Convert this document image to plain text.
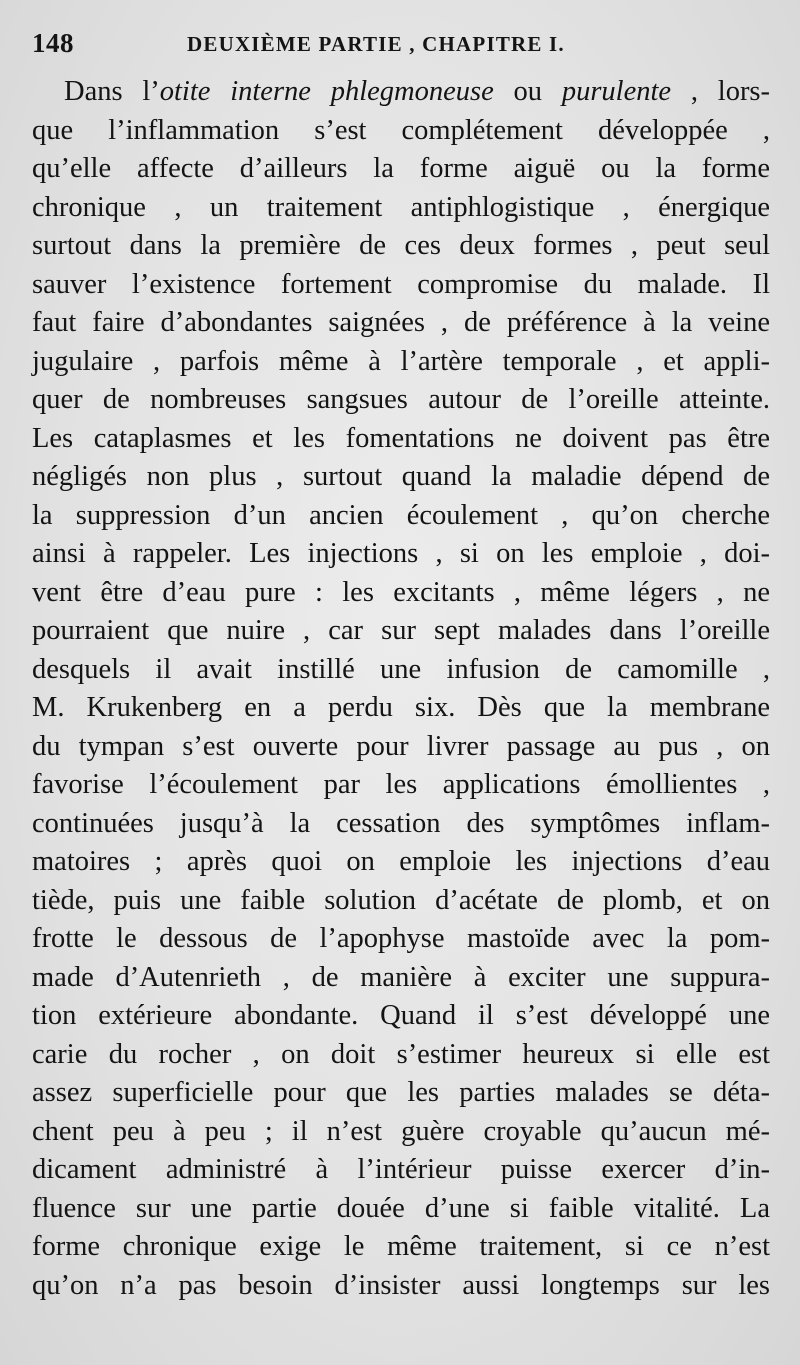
148	DEUXIÈME PARTIE , CHAPITRE I.
Dans l’otite interne phlegmoneuse ou purulente , lors-
que l’inflammation s’est complétement développée ,
qu’elle affecte d’ailleurs la forme aiguë ou la forme
chronique , un traitement antiphlogistique , énergique
surtout dans la première de ces deux formes , peut seul
sauver l’existence fortement compromise du malade. Il
faut faire d’abondantes saignées , de préférence à la veine
jugulaire , parfois même à l’artère temporale , et appli-
quer de nombreuses sangsues autour de l’oreille atteinte.
Les cataplasmes et les fomentations ne doivent pas être
négligés non plus , surtout quand la maladie dépend de
la suppression d’un ancien écoulement , qu’on cherche
ainsi à rappeler. Les injections , si on les emploie , doi-
vent être d’eau pure : les excitants , même légers , ne
pourraient que nuire , car sur sept malades dans l’oreille
desquels il avait instillé une infusion de camomille ,
M. Krukenberg en a perdu six. Dès que la membrane
du tympan s’est ouverte pour livrer passage au pus , on
favorise l’écoulement par les applications émollientes ,
continuées jusqu’à la cessation des symptômes inflam-
matoires ; après quoi on emploie les injections d’eau
tiède, puis une faible solution d’acétate de plomb, et on
frotte le dessous de l’apophyse mastoïde avec la pom-
made d’Autenrieth , de manière à exciter une suppura-
tion extérieure abondante. Quand il s’est développé une
carie du rocher , on doit s’estimer heureux si elle est
assez superficielle pour que les parties malades se déta-
chent peu à peu ; il n’est guère croyable qu’aucun mé-
dicament administré à l’intérieur puisse exercer d’in-
fluence sur une partie douée d’une si faible vitalité. La
forme chronique exige le même traitement, si ce n’est
qu’on n’a pas besoin d’insister aussi longtemps sur les
